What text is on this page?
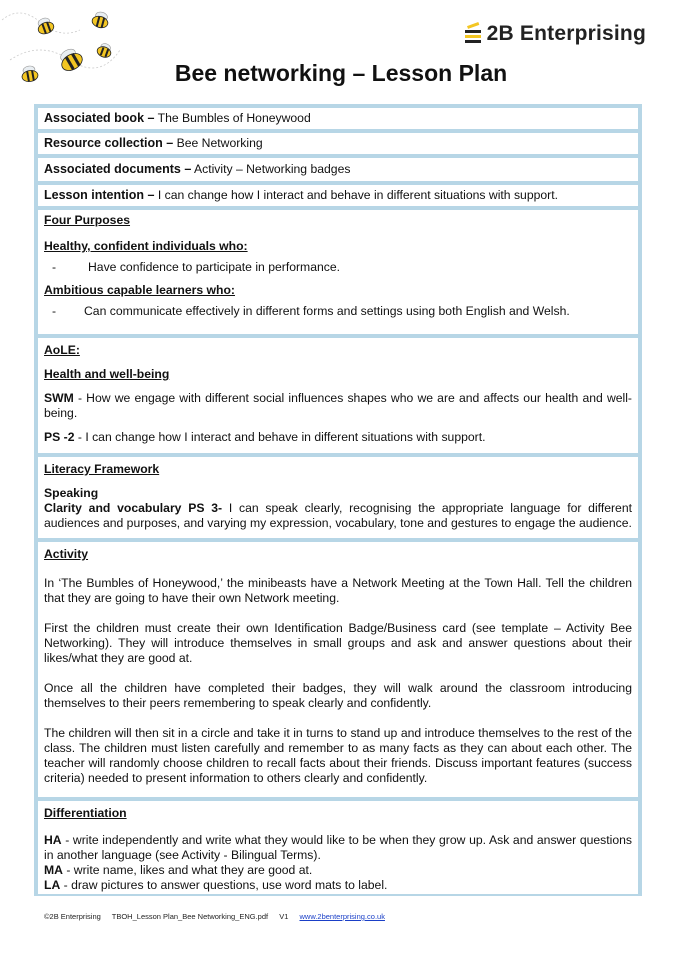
2B Enterprising
Bee networking – Lesson Plan
Associated book – The Bumbles of Honeywood
Resource collection – Bee Networking
Associated documents – Activity – Networking badges
Lesson intention – I can change how I interact and behave in different situations with support.

Four Purposes

Healthy, confident individuals who:

-	Have confidence to participate in performance.

Ambitious capable learners who:

-	Can communicate effectively in different forms and settings using both English and Welsh.

AoLE:

Health and well-being

SWM - How we engage with different social influences shapes who we are and affects our health and well-being.

PS -2 - I can change how I interact and behave in different situations with support.

Literacy Framework

Speaking

Clarity and vocabulary PS 3- I can speak clearly, recognising the appropriate language for different audiences and purposes, and varying my expression, vocabulary, tone and gestures to engage the audience.

Activity

In ‘The Bumbles of Honeywood,’ the minibeasts have a Network Meeting at the Town Hall. Tell the children that they are going to have their own Network meeting.

First the children must create their own Identification Badge/Business card (see template – Activity Bee Networking). They will introduce themselves in small groups and ask and answer questions about their likes/what they are good at.

Once all the children have completed their badges, they will walk around the classroom introducing themselves to their peers remembering to speak clearly and confidently.

The children will then sit in a circle and take it in turns to stand up and introduce themselves to the rest of the class. The children must listen carefully and remember to as many facts as they can about each other. The teacher will randomly choose children to recall facts about their friends. Discuss important features (success criteria) needed to present information to others clearly and confidently.

Differentiation

HA - write independently and write what they would like to be when they grow up. Ask and answer questions in another language (see Activity - Bilingual Terms).

MA - write name, likes and what they are good at.

LA - draw pictures to answer questions, use word mats to label.

©2B Enterprising TBOH_Lesson Plan_Bee Networking_ENG.pdf V1 www.2benterprising.co.uk
